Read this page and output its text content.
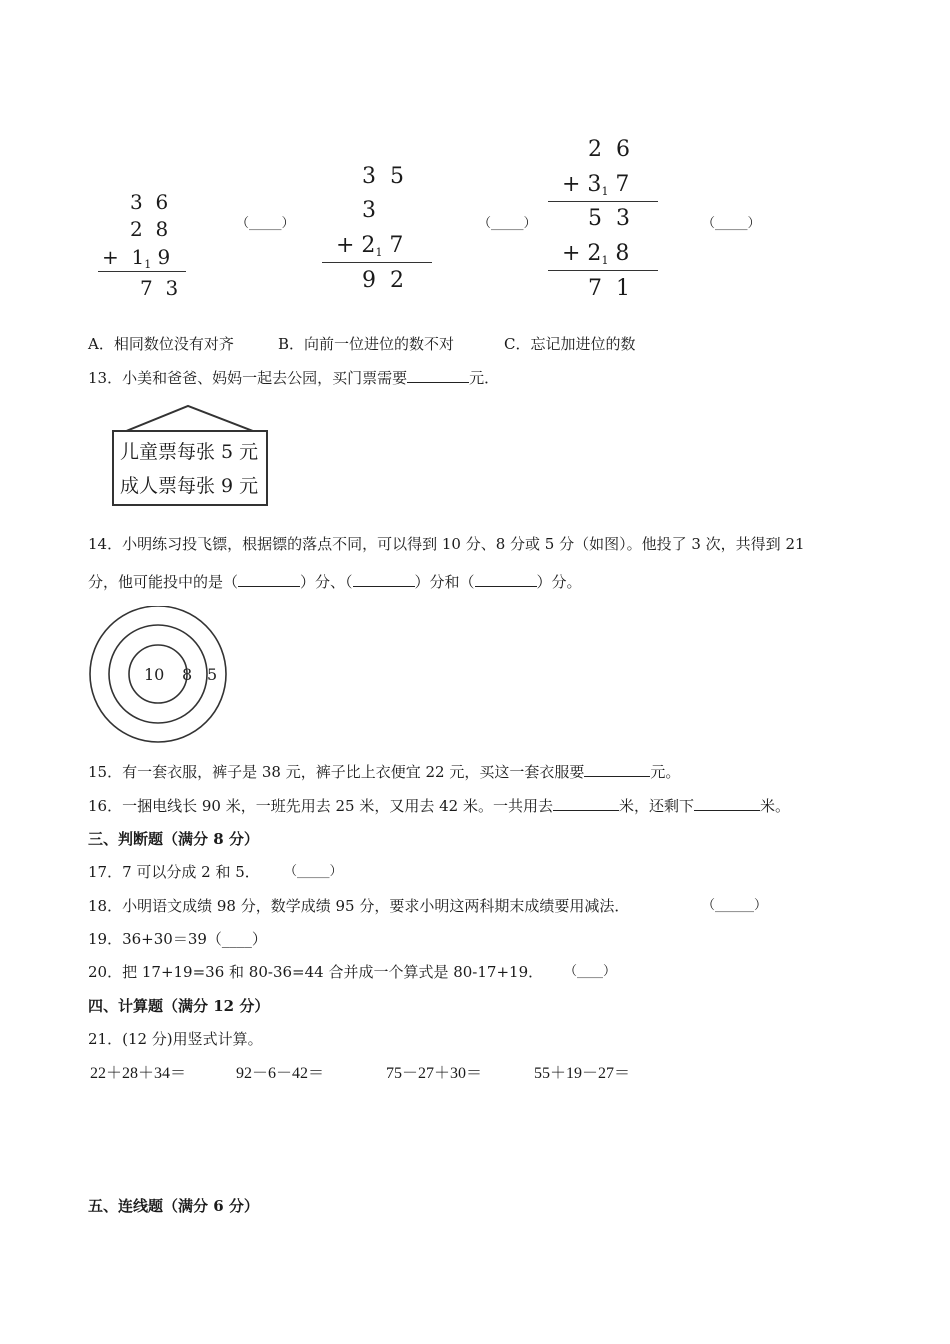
3  6
2  8
+  $1_1$ 9
7  3
（_____）
3  5
3
+ 21 7
9  2
（_____）
2  6
+ 31 7
5  3
+ 21 8
7  1
（_____）
A．相同数位没有对齐	B．向前一位进位的数不对	C．忘记加进位的数
13．小美和爸爸、妈妈一起去公园，买门票需要	元．
儿童票每张 5 元
成人票每张 9 元
14．小明练习投飞镖，根据镖的落点不同，可以得到 10 分、8 分或 5 分（如图）。他投了 3 次，共得到 21
分，他可能投中的是（	）分、（	）分和（	）分。
10 8 5
15．有一套衣服，裤子是 38 元，裤子比上衣便宜 22 元，买这一套衣服要	元。
16．一捆电线长 90 米，一班先用去 25 米，又用去 42 米。一共用去	米，还剩下	米。
三、判断题（满分 8 分）
17．7 可以分成 2 和 5． （_____）
18．小明语文成绩 98 分，数学成绩 95 分，要求小明这两科期末成绩要用减法．	（______）
19．36+30＝39（____）
20．把 17+19=36 和 80-36=44 合并成一个算式是 80-17+19． （____）
四、计算题（满分 12 分）
21．(12 分)用竖式计算。
22＋28＋34＝	92－6－42＝	75－27＋30＝	55＋19－27＝
五、连线题（满分 6 分）
